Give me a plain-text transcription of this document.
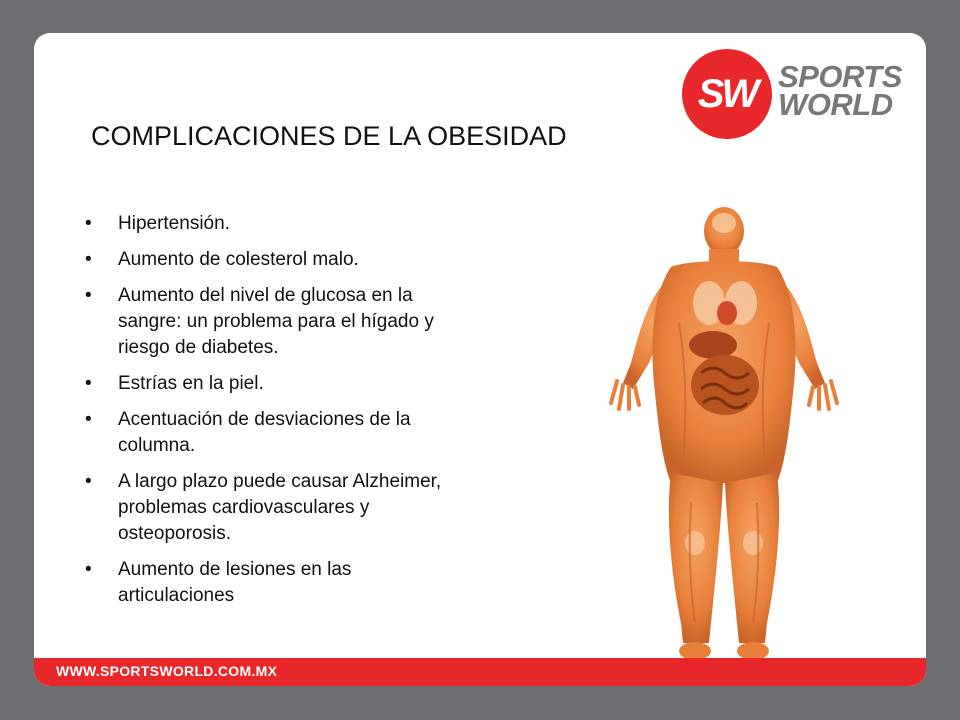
SW SPORTS
WORLD
COMPLICACIONES DE LA OBESIDAD
• Hipertensión.
• Aumento de colesterol malo.
• Aumento del nivel de glucosa en la sangre: un problema para el hígado y riesgo de diabetes.
• Estrías en la piel.
• Acentuación de desviaciones de la columna.
• A largo plazo puede causar Alzheimer, problemas cardiovasculares y osteoporosis.
• Aumento de lesiones en las articulaciones
WWW.SPORTSWORLD.COM.MX
